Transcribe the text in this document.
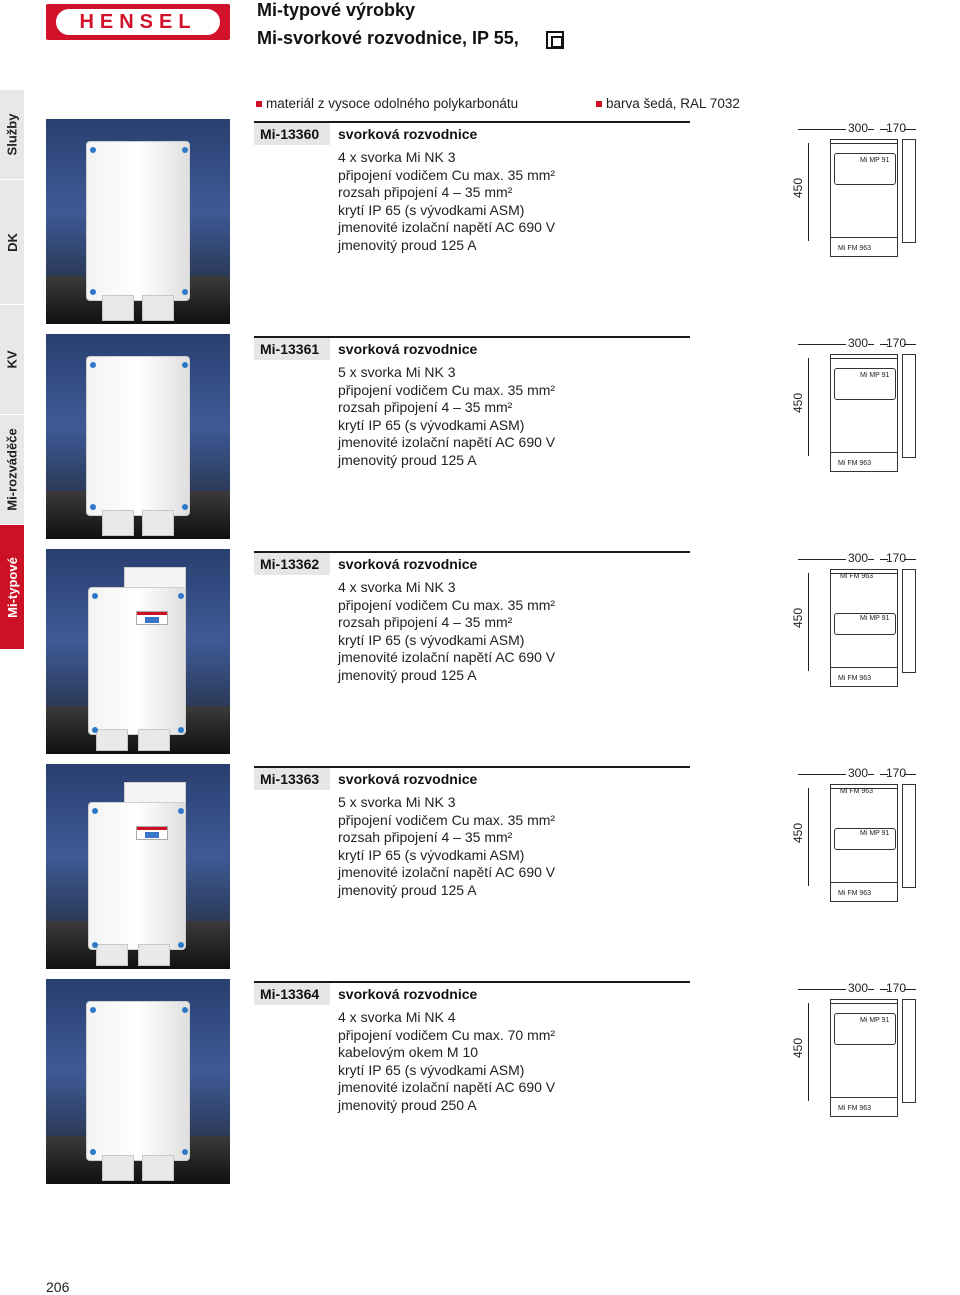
HENSEL
Mi-typové výrobky
Mi-svorkové rozvodnice, IP 55,
Služby
DK
KV
Mi-rozváděče
Mi-typové
materiál z vysoce odolného polykarbonátu	barva šedá, RAL 7032
Mi-13360	svorková rozvodnice
4 x svorka Mi NK 3
připojení vodičem Cu max. 35 mm²
rozsah připojení 4 – 35 mm²
krytí IP 65 (s vývodkami ASM)
jmenovité izolační napětí AC 690 V
jmenovitý proud 125 A
300 170
450
Mi MP 91
Mi FM 963
Mi-13361	svorková rozvodnice
5 x svorka Mi NK 3
připojení vodičem Cu max. 35 mm²
rozsah připojení 4 – 35 mm²
krytí IP 65 (s vývodkami ASM)
jmenovité izolační napětí AC 690 V
jmenovitý proud 125 A
300 170
450
Mi MP 91
Mi FM 963
Mi-13362	svorková rozvodnice
4 x svorka Mi NK 3
připojení vodičem Cu max. 35 mm²
rozsah připojení 4 – 35 mm²
krytí IP 65 (s vývodkami ASM)
jmenovité izolační napětí AC 690 V
jmenovitý proud 125 A
300 170
450
Mi FM 963
Mi MP 91
Mi FM 963
Mi-13363	svorková rozvodnice
5 x svorka Mi NK 3
připojení vodičem Cu max. 35 mm²
rozsah připojení 4 – 35 mm²
krytí IP 65 (s vývodkami ASM)
jmenovité izolační napětí AC 690 V
jmenovitý proud 125 A
300 170
450
Mi FM 963
Mi MP 91
Mi FM 963
Mi-13364	svorková rozvodnice
4 x svorka Mi NK 4
připojení vodičem Cu max. 70 mm²
kabelovým okem M 10
krytí IP 65 (s vývodkami ASM)
jmenovité izolační napětí AC 690 V
jmenovitý proud 250 A
300 170
450
Mi MP 91
Mi FM 963
206
